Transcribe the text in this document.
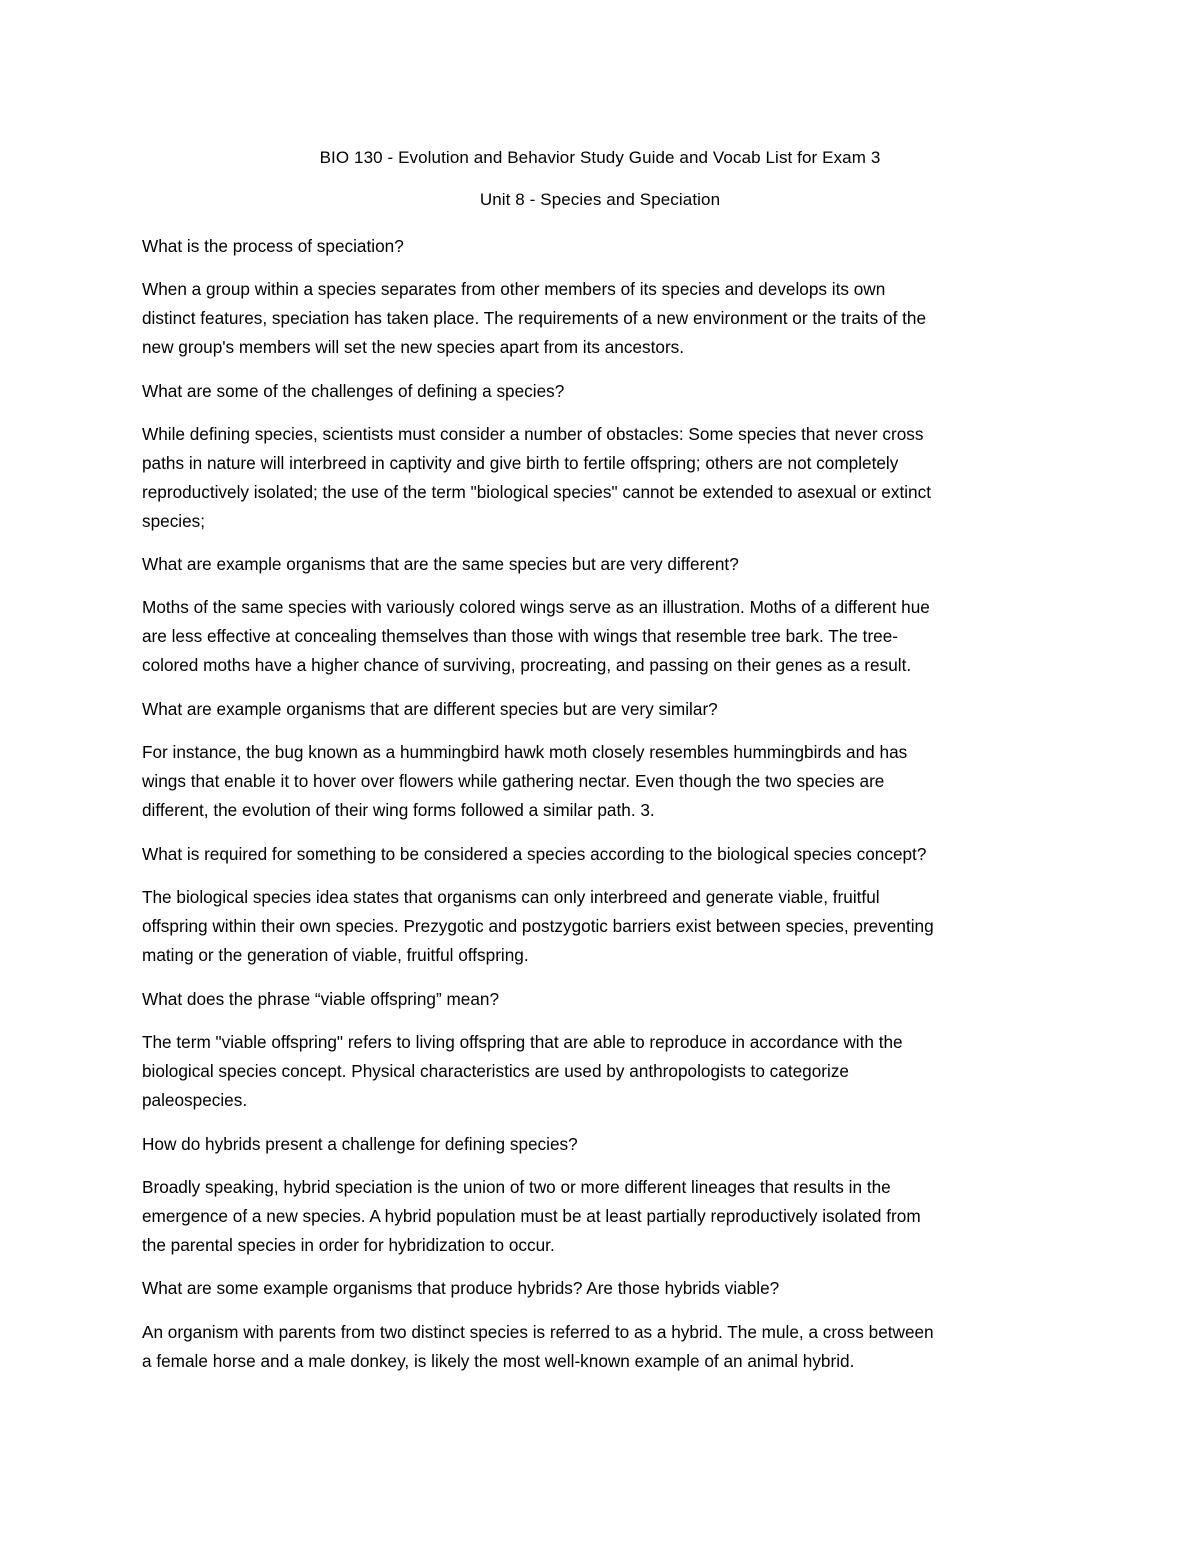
BIO 130 - Evolution and Behavior Study Guide and Vocab List for Exam 3
Unit 8 - Species and Speciation
What is the process of speciation?
When a group within a species separates from other members of its species and develops its own
distinct features, speciation has taken place. The requirements of a new environment or the traits of the
new group's members will set the new species apart from its ancestors.
What are some of the challenges of defining a species?
While defining species, scientists must consider a number of obstacles: Some species that never cross
paths in nature will interbreed in captivity and give birth to fertile offspring; others are not completely
reproductively isolated; the use of the term "biological species" cannot be extended to asexual or extinct
species;
What are example organisms that are the same species but are very different?
Moths of the same species with variously colored wings serve as an illustration. Moths of a different hue
are less effective at concealing themselves than those with wings that resemble tree bark. The tree-
colored moths have a higher chance of surviving, procreating, and passing on their genes as a result.
What are example organisms that are different species but are very similar?
For instance, the bug known as a hummingbird hawk moth closely resembles hummingbirds and has
wings that enable it to hover over flowers while gathering nectar. Even though the two species are
different, the evolution of their wing forms followed a similar path. 3.
What is required for something to be considered a species according to the biological species concept?
The biological species idea states that organisms can only interbreed and generate viable, fruitful
offspring within their own species. Prezygotic and postzygotic barriers exist between species, preventing
mating or the generation of viable, fruitful offspring.
What does the phrase “viable offspring” mean?
The term "viable offspring" refers to living offspring that are able to reproduce in accordance with the
biological species concept. Physical characteristics are used by anthropologists to categorize
paleospecies.
How do hybrids present a challenge for defining species?
Broadly speaking, hybrid speciation is the union of two or more different lineages that results in the
emergence of a new species. A hybrid population must be at least partially reproductively isolated from
the parental species in order for hybridization to occur.
What are some example organisms that produce hybrids? Are those hybrids viable?
An organism with parents from two distinct species is referred to as a hybrid. The mule, a cross between
a female horse and a male donkey, is likely the most well-known example of an animal hybrid.
